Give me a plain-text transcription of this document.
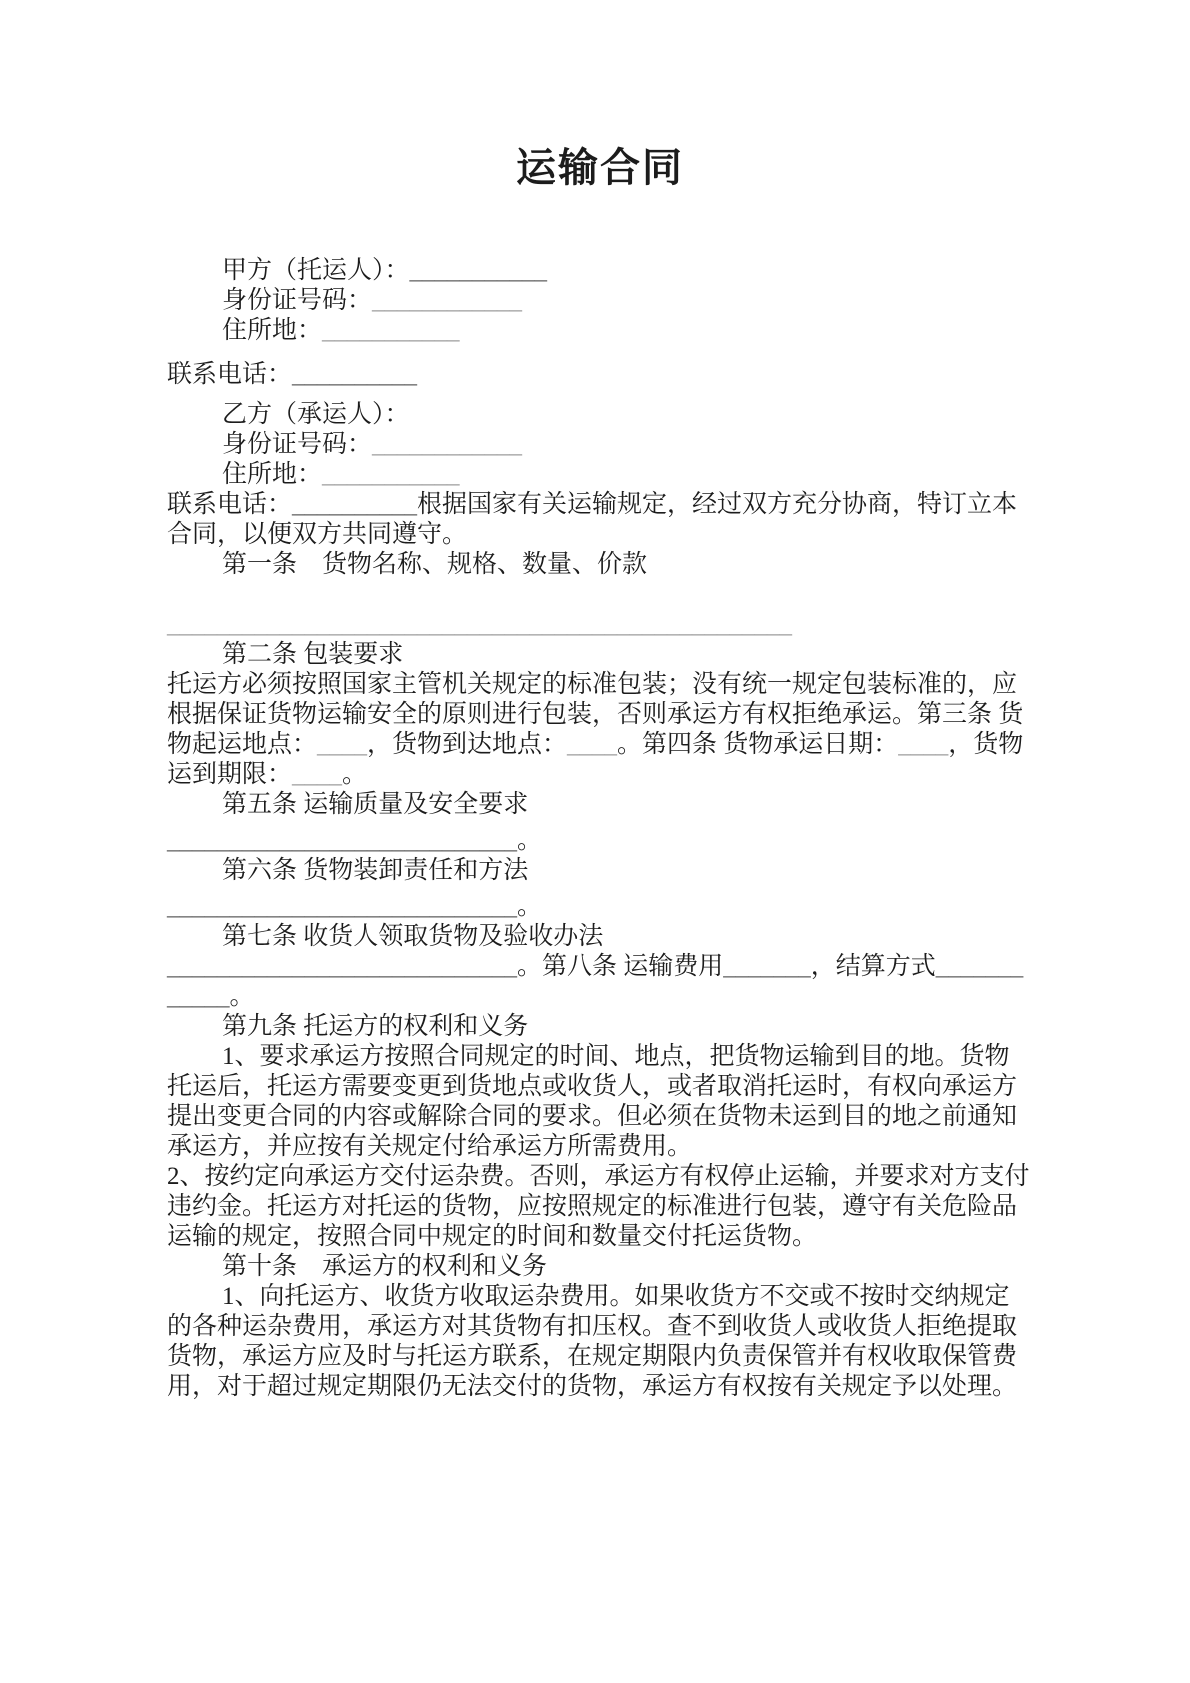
运输合同
甲方（托运人）：___________
身份证号码：____________
住所地：___________
联系电话：__________
乙方（承运人）：
身份证号码：____________
住所地：___________
联系电话：__________根据国家有关运输规定，经过双方充分协商，特订立本合同，以便双方共同遵守。
第一条　货物名称、规格、数量、价款
__________________________________________________
第二条 包装要求
托运方必须按照国家主管机关规定的标准包装；没有统一规定包装标准的，应根据保证货物运输安全的原则进行包装，否则承运方有权拒绝承运。第三条 货物起运地点：____，货物到达地点：____。第四条 货物承运日期：____，货物运到期限：____。
第五条 运输质量及安全要求
____________________________。
第六条 货物装卸责任和方法
____________________________。
第七条 收货人领取货物及验收办法
____________________________。第八条 运输费用_______，结算方式____________。
第九条 托运方的权利和义务
1、要求承运方按照合同规定的时间、地点，把货物运输到目的地。货物托运后，托运方需要变更到货地点或收货人，或者取消托运时，有权向承运方提出变更合同的内容或解除合同的要求。但必须在货物未运到目的地之前通知承运方，并应按有关规定付给承运方所需费用。
2、按约定向承运方交付运杂费。否则，承运方有权停止运输，并要求对方支付违约金。托运方对托运的货物，应按照规定的标准进行包装，遵守有关危险品运输的规定，按照合同中规定的时间和数量交付托运货物。
第十条　承运方的权利和义务
1、向托运方、收货方收取运杂费用。如果收货方不交或不按时交纳规定的各种运杂费用，承运方对其货物有扣压权。查不到收货人或收货人拒绝提取货物，承运方应及时与托运方联系，在规定期限内负责保管并有权收取保管费用，对于超过规定期限仍无法交付的货物，承运方有权按有关规定予以处理。
